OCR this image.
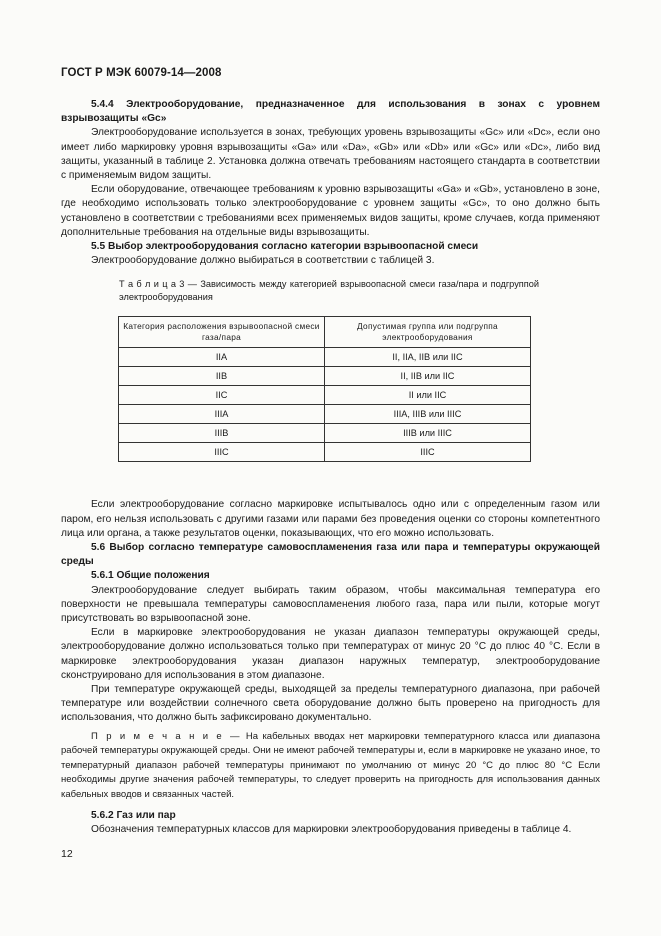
ГОСТ Р МЭК 60079-14—2008

5.4.4 Электрооборудование, предназначенное для использования в зонах с уровнем взрывозащиты «Gc»

Электрооборудование используется в зонах, требующих уровень взрывозащиты «Gc» или «Dc», если оно имеет либо маркировку уровня взрывозащиты «Ga» или «Da», «Gb» или «Db» или «Gc» или «Dc», либо вид защиты, указанный в таблице 2. Установка должна отвечать требованиям настоящего стандарта в соответствии с применяемым видом защиты.

Если оборудование, отвечающее требованиям к уровню взрывозащиты «Ga» и «Gb», установлено в зоне, где необходимо использовать только электрооборудование с уровнем защиты «Gc», то оно должно быть установлено в соответствии с требованиями всех применяемых видов защиты, кроме случаев, когда применяют дополнительные требования на отдельные виды взрывозащиты.

5.5 Выбор электрооборудования согласно категории взрывоопасной смеси

Электрооборудование должно выбираться в соответствии с таблицей 3.

Т а б л и ц а 3 — Зависимость между категорией взрывоопасной смеси газа/пара и подгруппой электрооборудования

Категория расположения взрывоопасной смеси газа/пара	Допустимая группа или подгруппа электрооборудования
IIA	II, IIA, IIB или IIC
IIB	II, IIB или IIC
IIC	II или IIC
IIIA	IIIA, IIIB или IIIC
IIIB	IIIB или IIIC
IIIC	IIIC

Если электрооборудование согласно маркировке испытывалось одно или с определенным газом или паром, его нельзя использовать с другими газами или парами без проведения оценки со стороны компетентного лица или органа, а также результатов оценки, показывающих, что его можно использовать.

5.6 Выбор согласно температуре самовоспламенения газа или пара и температуры окружающей среды

5.6.1 Общие положения

Электрооборудование следует выбирать таким образом, чтобы максимальная температура его поверхности не превышала температуры самовоспламенения любого газа, пара или пыли, которые могут присутствовать во взрывоопасной зоне.

Если в маркировке электрооборудования не указан диапазон температуры окружающей среды, электрооборудование должно использоваться только при температурах от минус 20 °С до плюс 40 °С. Если в маркировке электрооборудования указан диапазон наружных температур, электрооборудование сконструировано для использования в этом диапазоне.

При температуре окружающей среды, выходящей за пределы температурного диапазона, при рабочей температуре или воздействии солнечного света оборудование должно быть проверено на пригодность для использования, что должно быть зафиксировано документально.

П р и м е ч а н и е — На кабельных вводах нет маркировки температурного класса или диапазона рабочей температуры окружающей среды. Они не имеют рабочей температуры и, если в маркировке не указано иное, то температурный диапазон рабочей температуры принимают по умолчанию от минус 20 °С до плюс 80 °С Если необходимы другие значения рабочей температуры, то следует проверить на пригодность для использования данных кабельных вводов и связанных частей.

5.6.2 Газ или пар

Обозначения температурных классов для маркировки электрооборудования приведены в таблице 4.

12
